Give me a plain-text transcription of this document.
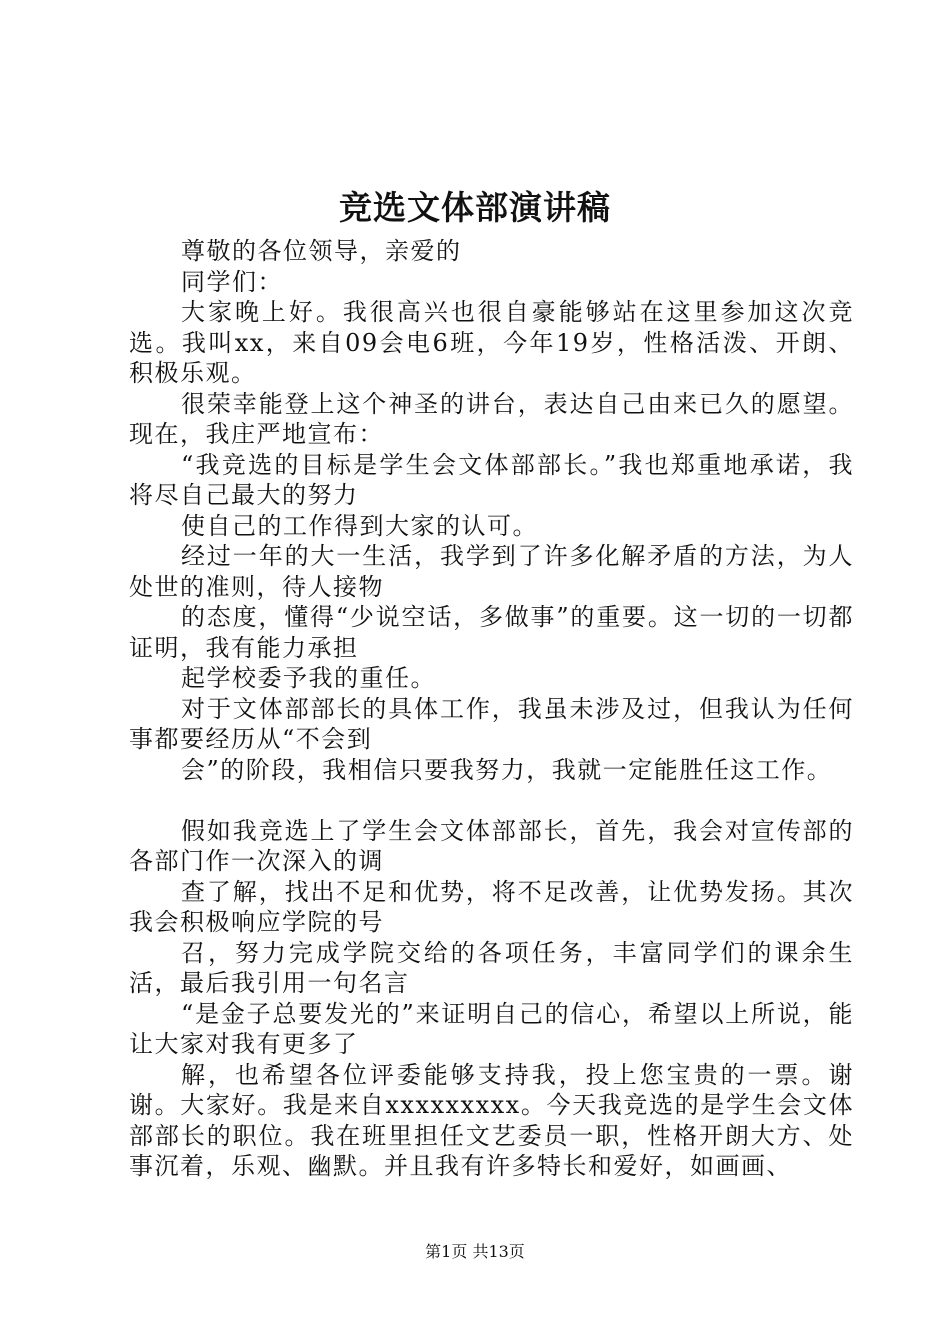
竞选文体部演讲稿

尊敬的各位领导，亲爱的

同学们：

大家晚上好。我很高兴也很自豪能够站在这里参加这次竞选。我叫xx，来自09会电6班，今年19岁，性格活泼、开朗、积极乐观。

很荣幸能登上这个神圣的讲台，表达自己由来已久的愿望。现在，我庄严地宣布：

“我竞选的目标是学生会文体部部长。”我也郑重地承诺，我将尽自己最大的努力

使自己的工作得到大家的认可。

经过一年的大一生活，我学到了许多化解矛盾的方法，为人处世的准则，待人接物

的态度，懂得“少说空话，多做事”的重要。这一切的一切都证明，我有能力承担

起学校委予我的重任。

对于文体部部长的具体工作，我虽未涉及过，但我认为任何事都要经历从“不会到

会”的阶段，我相信只要我努力，我就一定能胜任这工作。

假如我竞选上了学生会文体部部长，首先，我会对宣传部的各部门作一次深入的调

查了解，找出不足和优势，将不足改善，让优势发扬。其次我会积极响应学院的号

召，努力完成学院交给的各项任务，丰富同学们的课余生活，最后我引用一句名言

“是金子总要发光的”来证明自己的信心，希望以上所说，能让大家对我有更多了

解，也希望各位评委能够支持我，投上您宝贵的一票。谢谢。大家好。我是来自xxxxxxxxx。今天我竞选的是学生会文体部部长的职位。我在班里担任文艺委员一职，性格开朗大方、处事沉着，乐观、幽默。并且我有许多特长和爱好，如画画、

第1页 共13页
